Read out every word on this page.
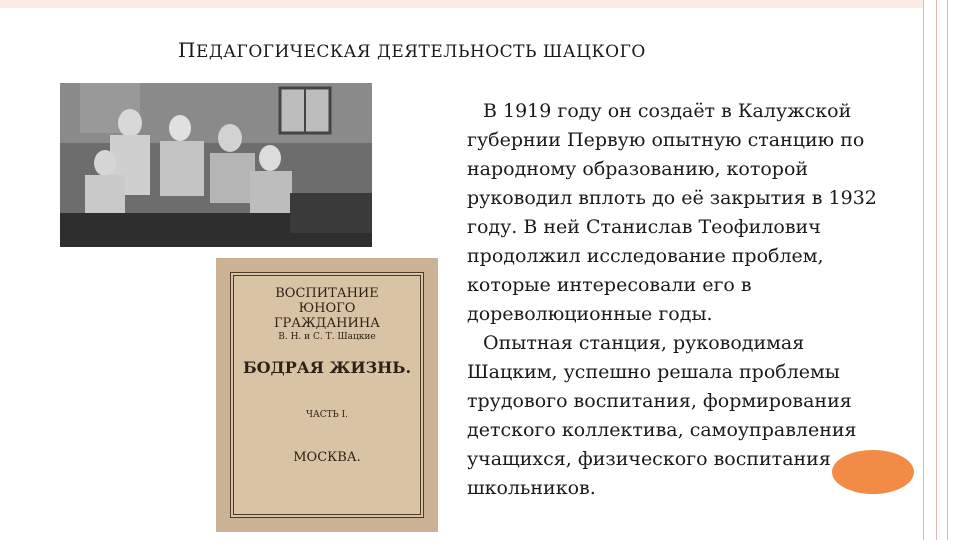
ПЕДАГОГИЧЕСКАЯ ДЕЯТЕЛЬНОСТЬ ШАЦКОГО
ВОСПИТАНИЕ ЮНОГО ГРАЖДАНИНА
В. Н. и С. Т. Шацкие
БОДРАЯ ЖИЗНЬ.
ЧАСТЬ I.
МОСКВА.

В 1919 году он создаёт в Калужской губернии Первую опытную станцию по народному образованию, которой руководил вплоть до её закрытия в 1932 году. В ней Станислав Теофилович продолжил исследование проблем, которые интересовали его в дореволюционные годы.

Опытная станция, руководимая Шацким, успешно решала проблемы трудового воспитания, формирования детского коллектива, самоуправления учащихся, физического воспитания школьников.
